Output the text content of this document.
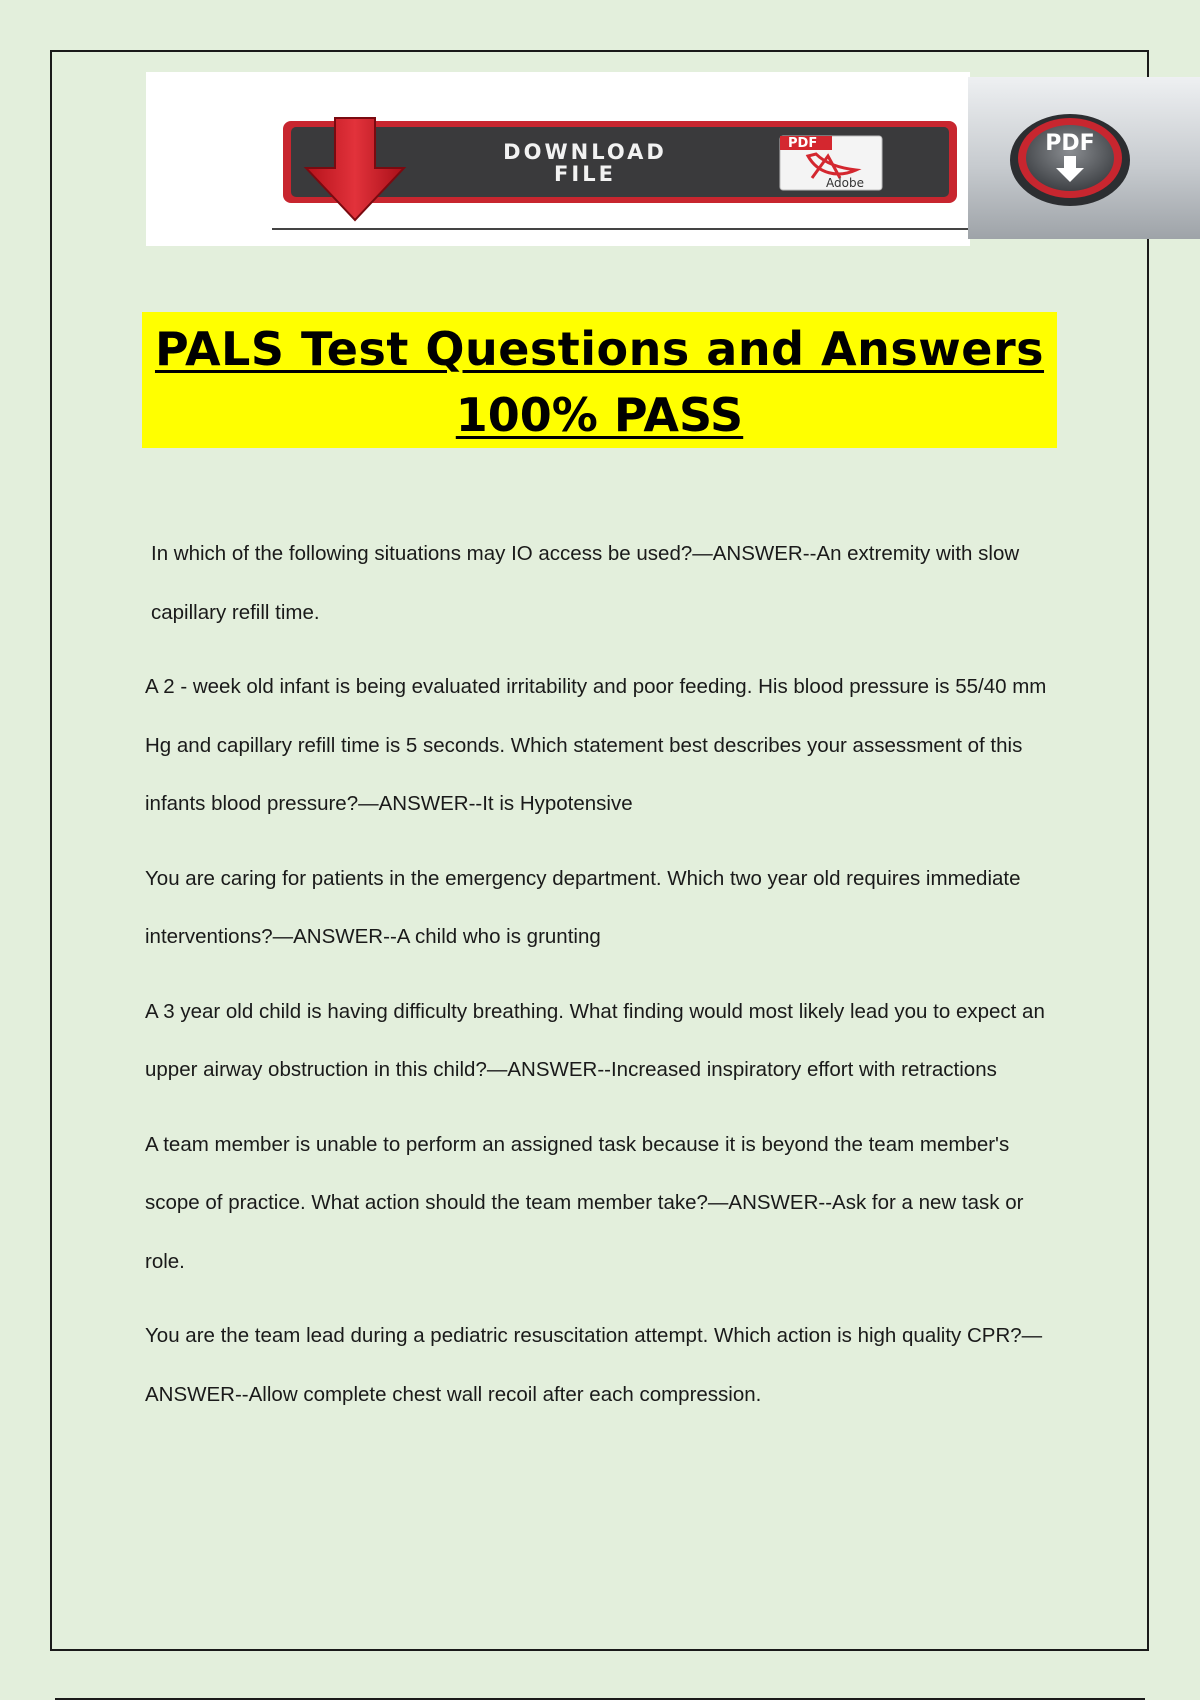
DOWNLOAD
FILE
PDF
Adobe
PDF
PALS Test Questions and Answers
100% PASS

In which of the following situations may IO access be used?—ANSWER--An extremity with slow capillary refill time.

A 2 - week old infant is being evaluated irritability and poor feeding. His blood pressure is 55/40 mm Hg and capillary refill time is 5 seconds. Which statement best describes your assessment of this infants blood pressure?—ANSWER--It is Hypotensive

You are caring for patients in the emergency department. Which two year old requires immediate interventions?—ANSWER--A child who is grunting

A 3 year old child is having difficulty breathing. What finding would most likely lead you to expect an upper airway obstruction in this child?—ANSWER--Increased inspiratory effort with retractions

A team member is unable to perform an assigned task because it is beyond the team member's scope of practice. What action should the team member take?—ANSWER--Ask for a new task or role.

You are the team lead during a pediatric resuscitation attempt. Which action is high quality CPR?—ANSWER--Allow complete chest wall recoil after each compression.
